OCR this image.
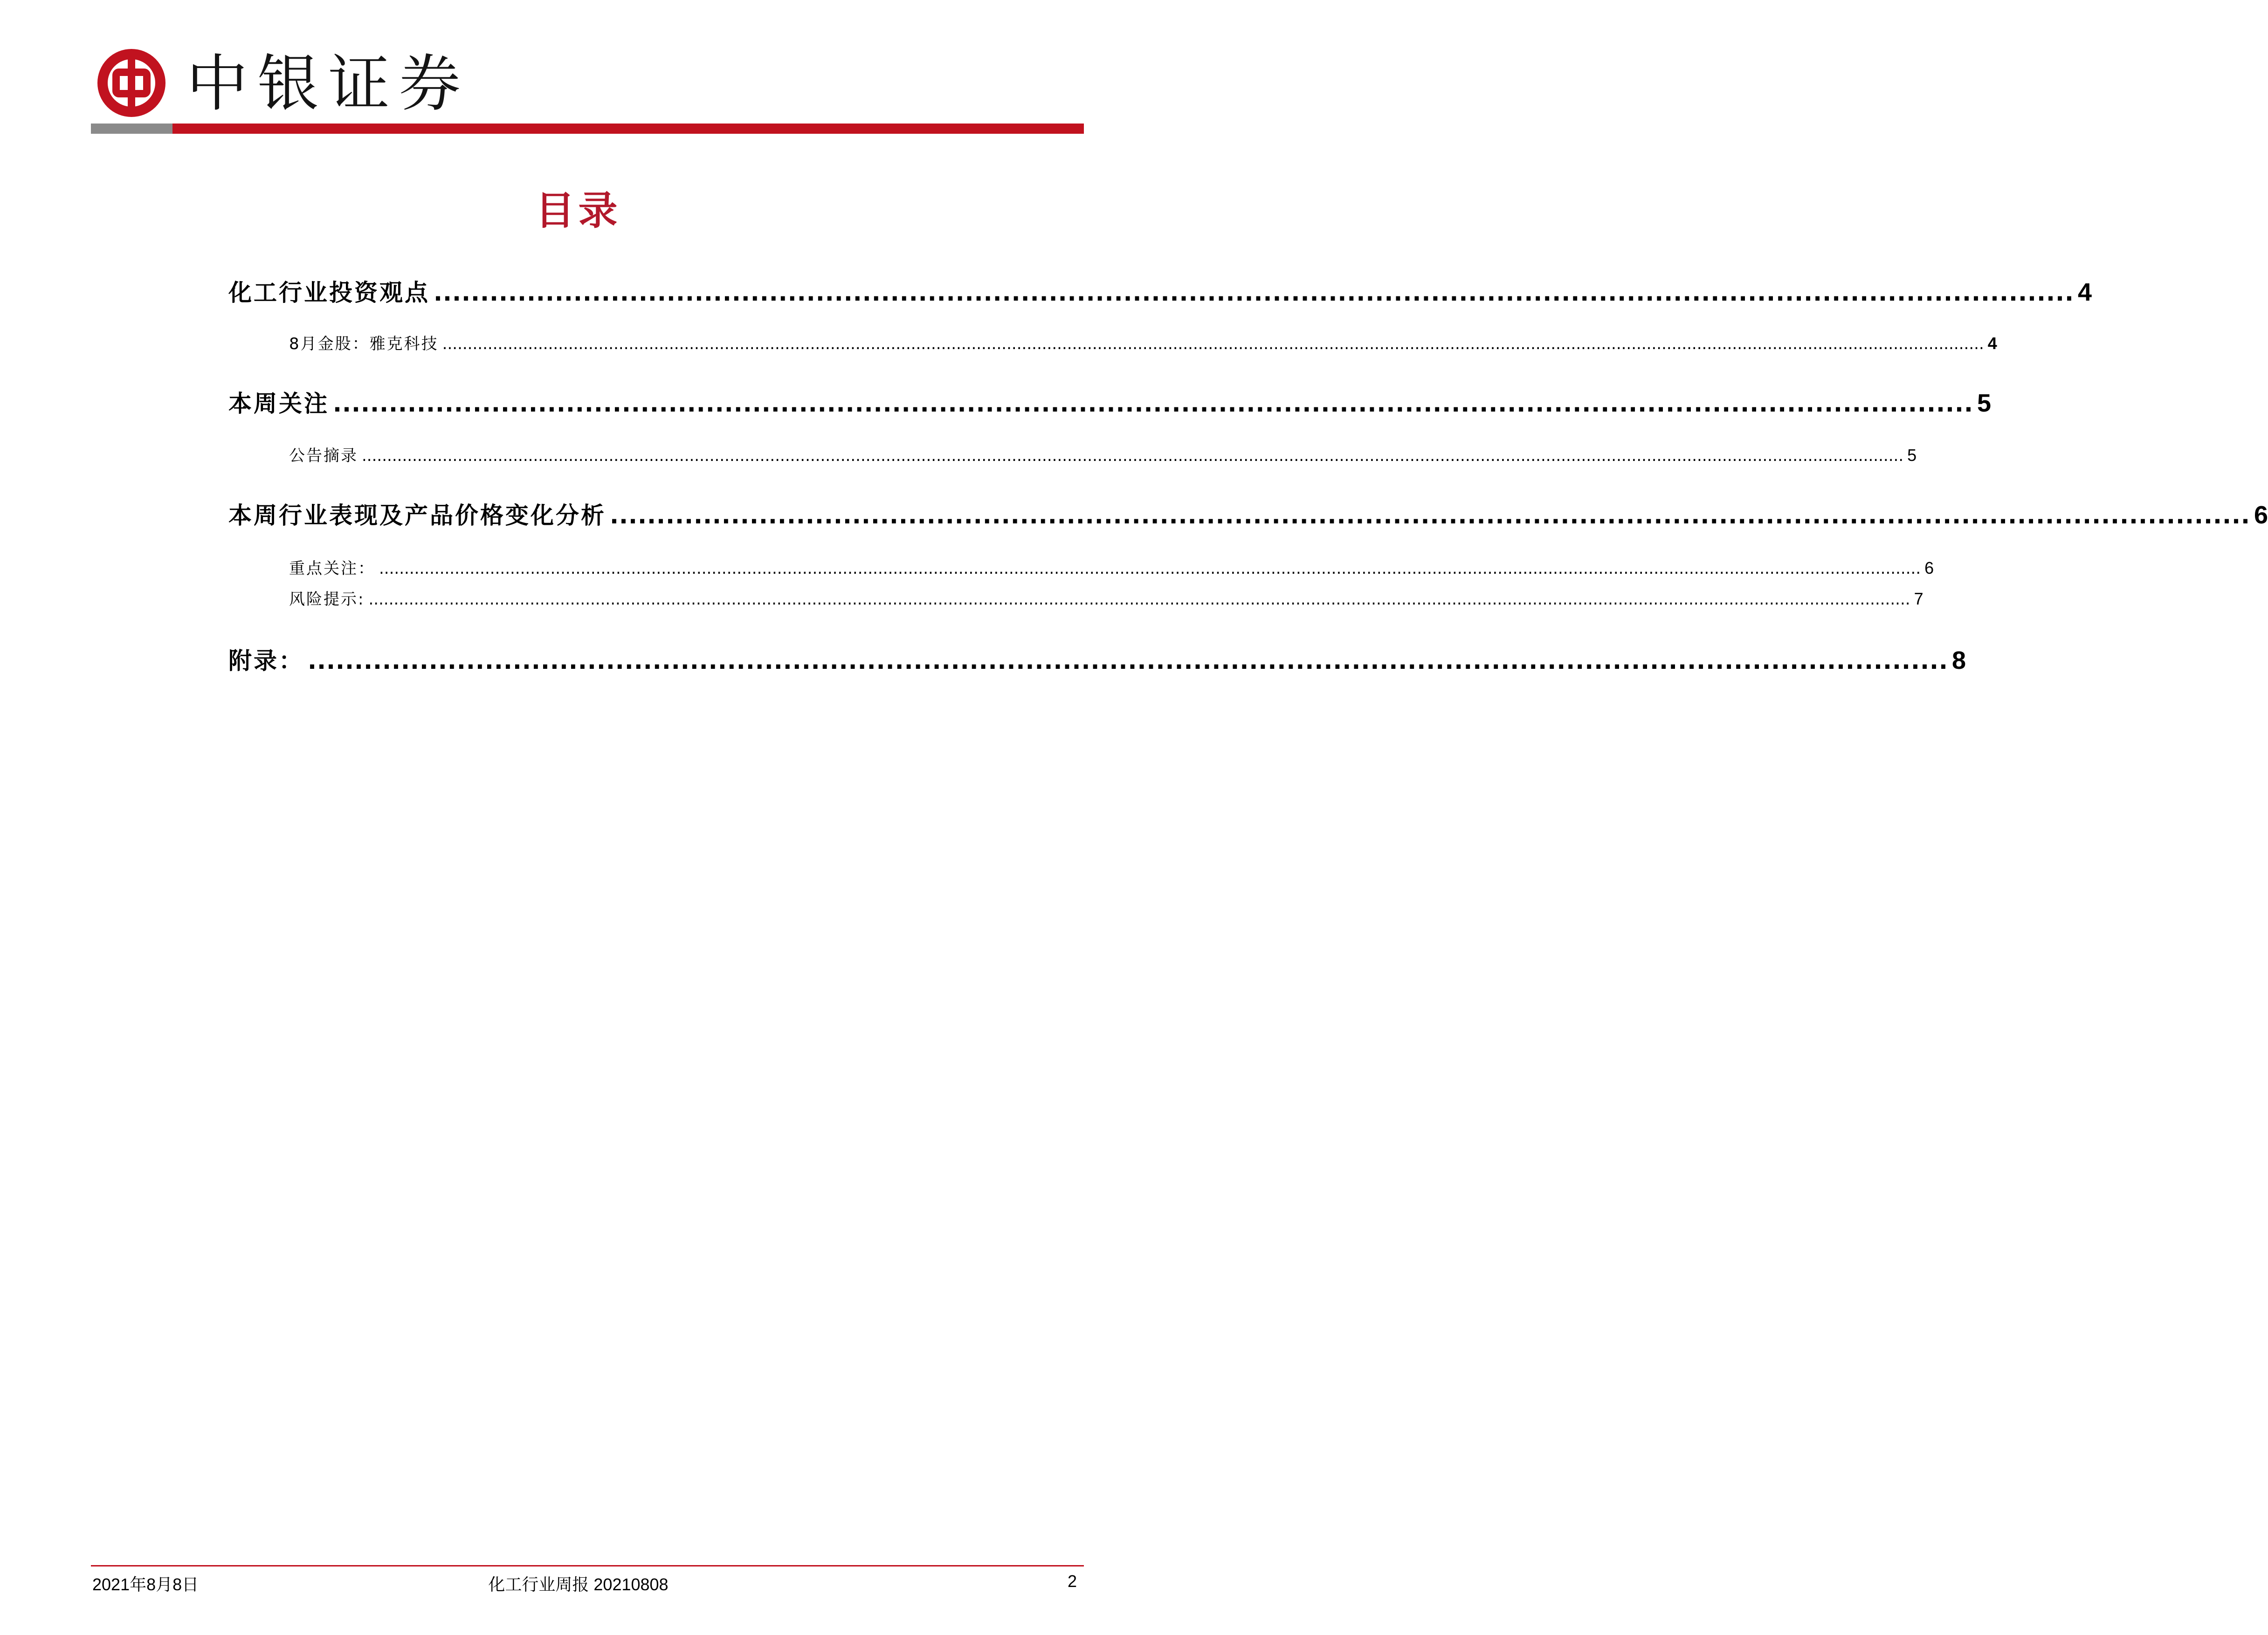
中银证券
目录
化工行业投资观点 ................................................................................................................................................................................ 4
8月金股：雅克科技 .................................................................................................................................................................................................................................................................................................................. 4
本周关注 ................................................................................................................................................................................ 5
公告摘录 .................................................................................................................................................................................................................................................................................................................. 5
本周行业表现及产品价格变化分析 ................................................................................................................................................................................ 6
重点关注： .................................................................................................................................................................................................................................................................................................................. 6
风险提示: .................................................................................................................................................................................................................................................................................................................. 7
附录： ................................................................................................................................................................................ 8
2021年8月8日	化工行业周报 20210808	2
